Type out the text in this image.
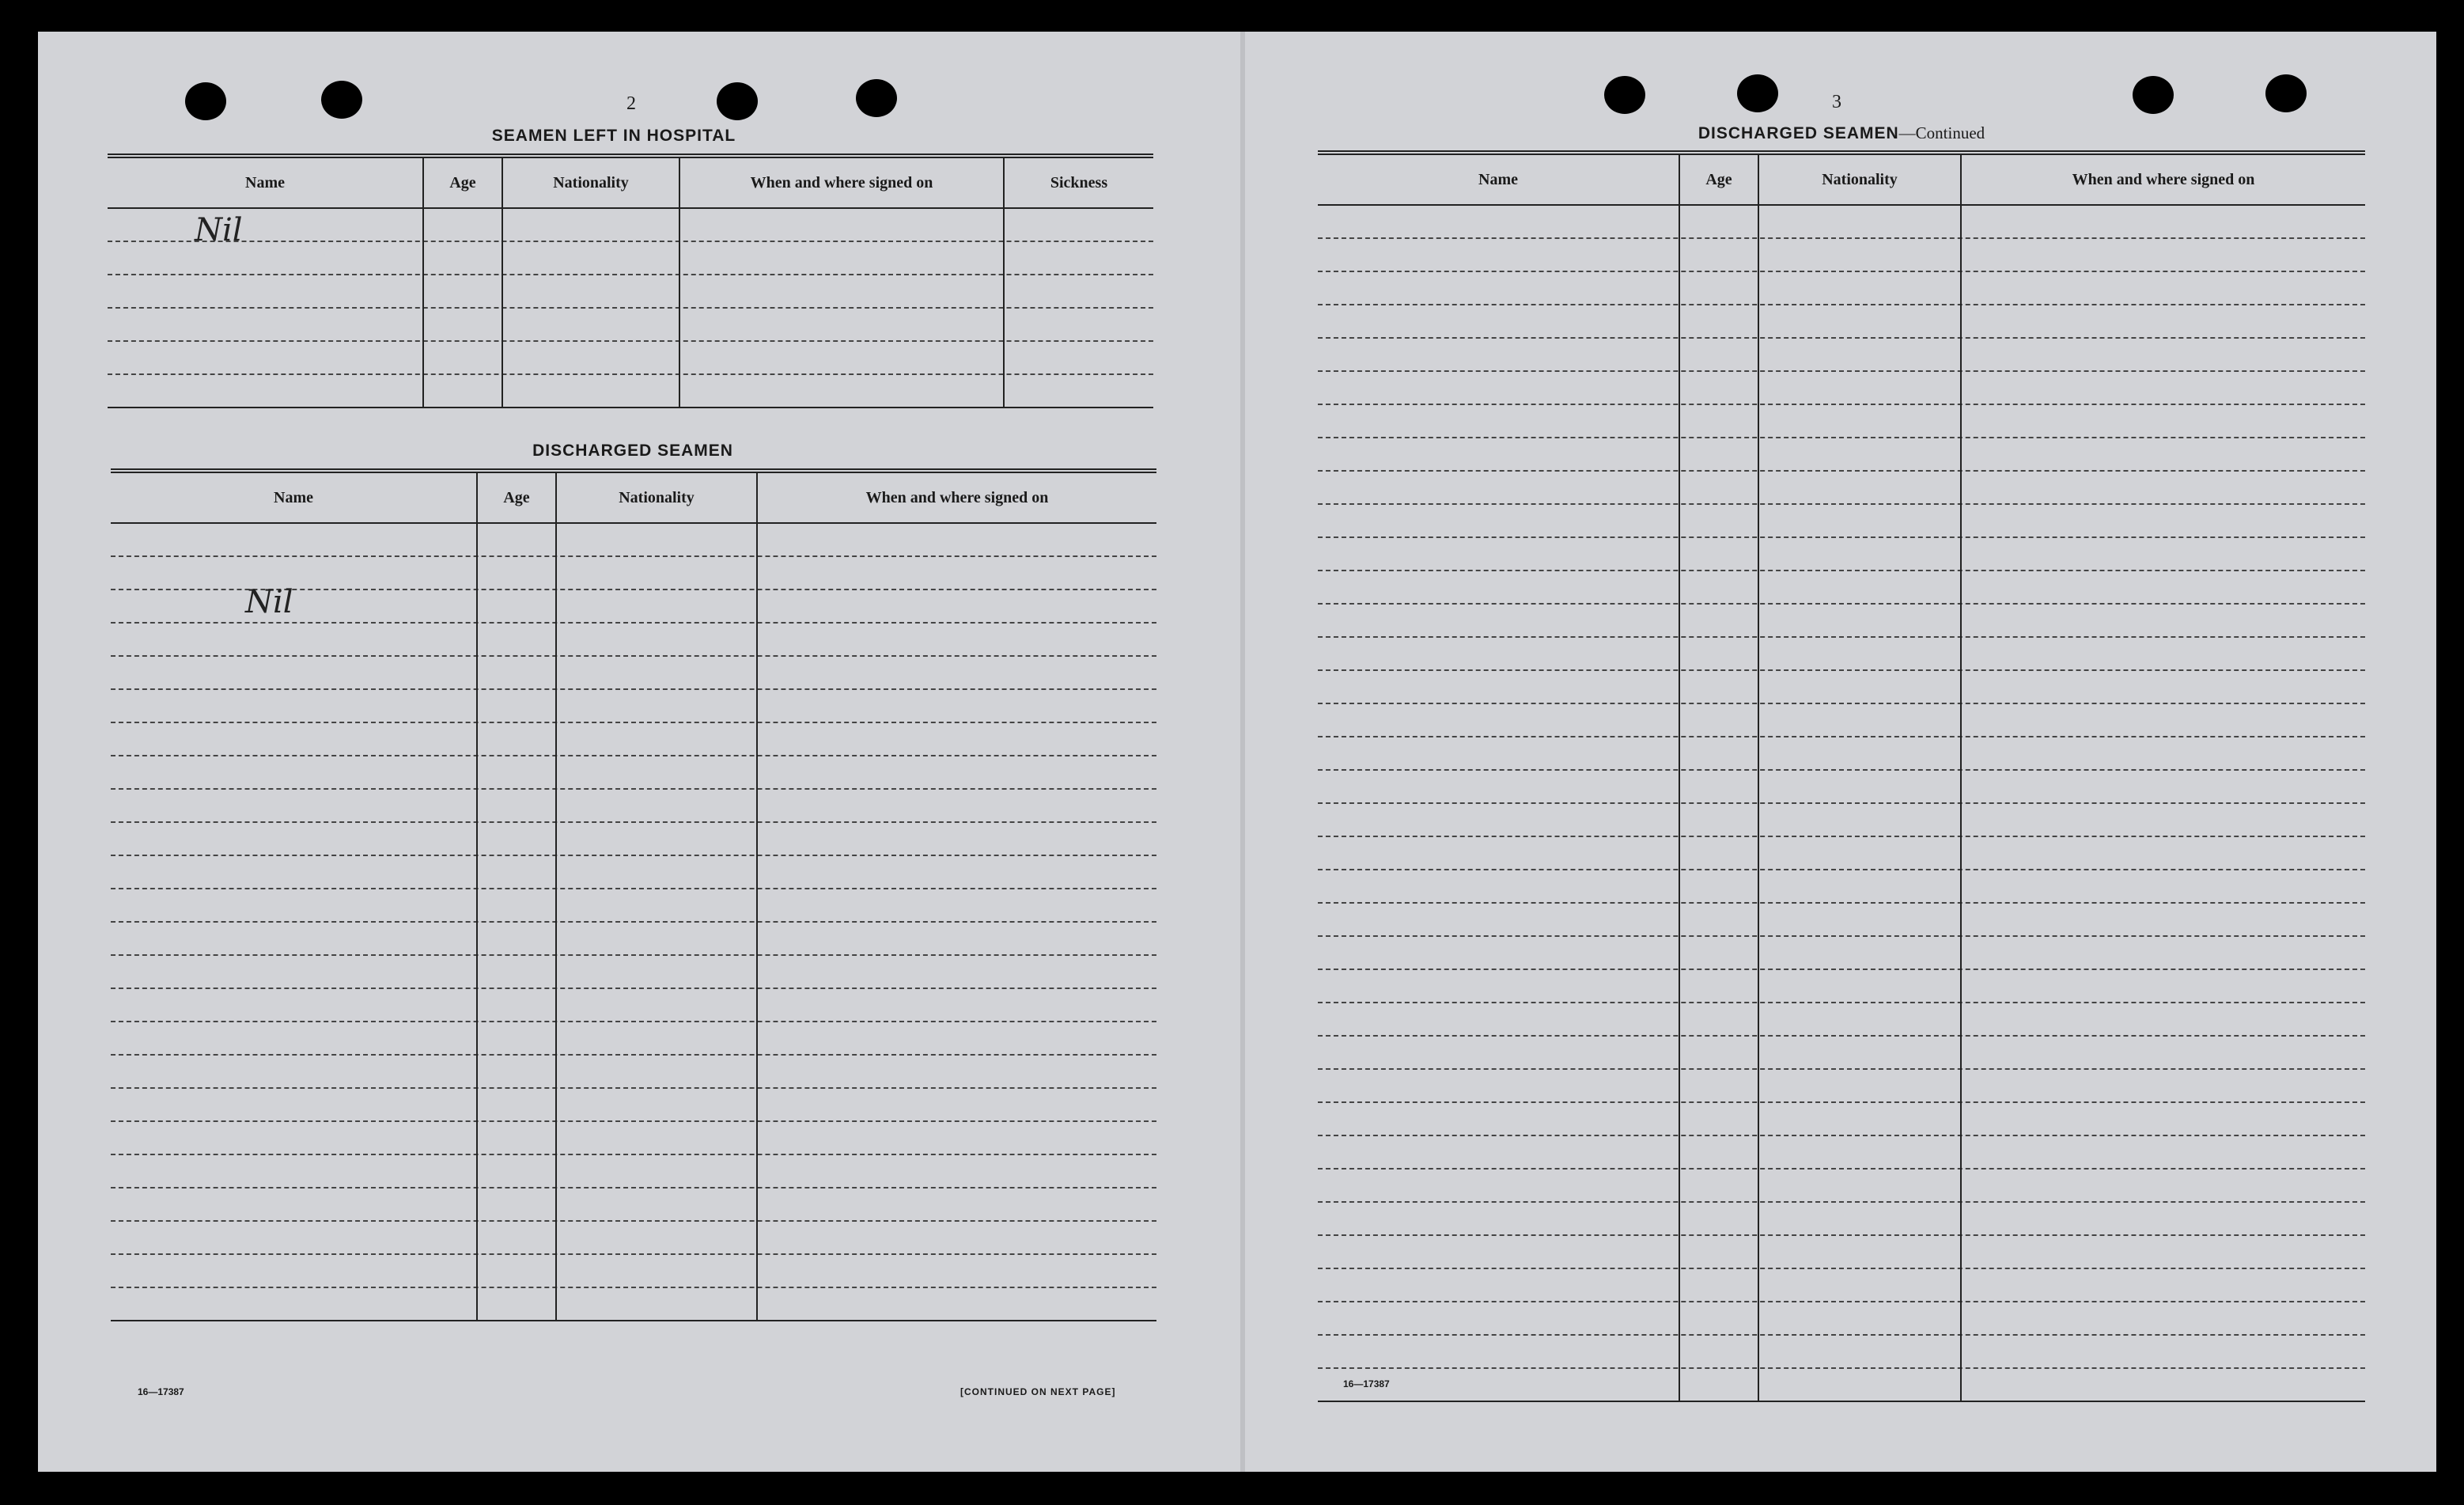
2
SEAMEN LEFT IN HOSPITAL
Name	Age	Nationality	When and where signed on	Sickness
Nil
DISCHARGED SEAMEN
Name	Age	Nationality	When and where signed on
Nil
16—17387	[CONTINUED ON NEXT PAGE]
3
DISCHARGED SEAMEN—Continued
Name	Age	Nationality	When and where signed on
16—17387
